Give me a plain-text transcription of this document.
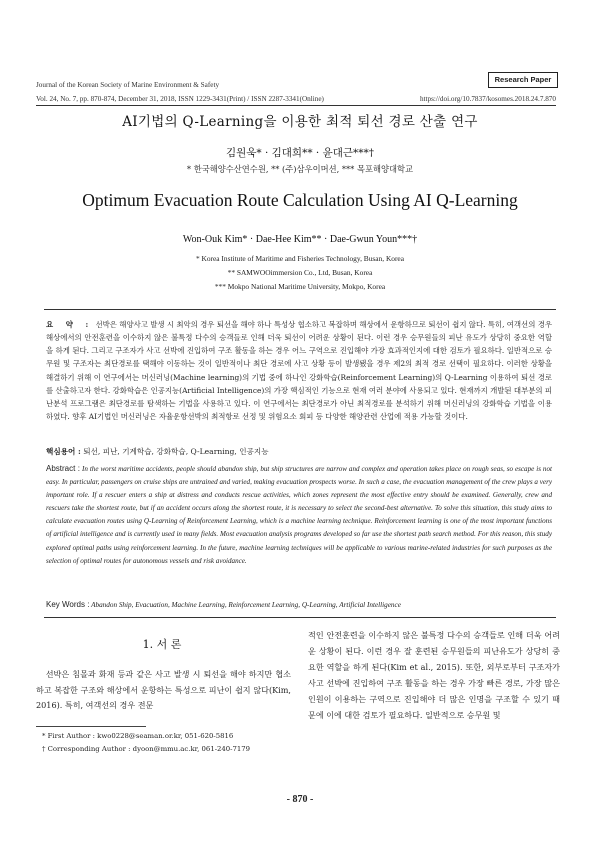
Journal of the Korean Society of Marine Environment & Safety
Vol. 24, No. 7, pp. 870-874, December 31, 2018, ISSN 1229-3431(Print) / ISSN 2287-3341(Online)
Research Paper
https://doi.org/10.7837/kosomes.2018.24.7.870
AI기법의 Q-Learning을 이용한 최적 퇴선 경로 산출 연구
김원욱* · 김대희** · 윤대근***†
* 한국해양수산연수원, ** (주)삼우이머션, *** 목포해양대학교
Optimum Evacuation Route Calculation Using AI Q-Learning
Won-Ouk Kim* · Dae-Hee Kim** · Dae-Gwun Youn***†
* Korea Institute of Maritime and Fisheries Technology, Busan, Korea
** SAMWOOimmersion Co., Ltd, Busan, Korea
*** Mokpo National Maritime University, Mokpo, Korea
요 약 : 선박은 해양사고 발생 시 최악의 경우 퇴선을 해야 하나 특성상 협소하고 복잡하며 해상에서 운항하므로 퇴선이 쉽지 않다. 특히, 여객선의 경우 해상에서의 안전훈련을 이수하지 않은 불특정 다수의 승객들로 인해 더욱 퇴선이 어려운 상황이 된다. 이런 경우 승무원들의 피난 유도가 상당히 중요한 역할을 하게 된다. 그리고 구조자가 사고 선박에 진입하여 구조 활동을 하는 경우 어느 구역으로 진입해야 가장 효과적인지에 대한 검토가 필요하다. 일반적으로 승무원 및 구조자는 최단경로를 택해야 이동하는 것이 일반적이나 최단 경로에 사고 상황 등이 발생됐을 경우 제2의 최적 경로 선택이 필요하다. 이러한 상황을 해결하기 위해 이 연구에서는 머신러닝(Machine learning)의 기법 중에 하나인 강화학습(Reinforcement Learning)의 Q-Learning 이용하여 퇴선 경로를 산출하고자 한다. 강화학습은 인공지능(Artificial Intelligence)의 가장 핵심적인 기능으로 현재 여러 분야에 사용되고 있다. 현재까지 개발된 대부분의 피난분석 프로그램은 최단경로를 탐색하는 기법을 사용하고 있다. 이 연구에서는 최단경로가 아닌 최적경로를 분석하기 위해 머신러닝의 강화학습 기법을 이용하였다. 향후 AI기법인 머신러닝은 자율운항선박의 최적항로 선정 및 위험요소 회피 등 다양한 해양관련 산업에 적용 가능할 것이다.
핵심용어 : 퇴선, 피난, 기계학습, 강화학습, Q-Learning, 인공지능
Abstract : In the worst maritime accidents, people should abandon ship, but ship structures are narrow and complex and operation takes place on rough seas, so escape is not easy. In particular, passengers on cruise ships are untrained and varied, making evacuation prospects worse. In such a case, the evacuation management of the crew plays a very important role. If a rescuer enters a ship at distress and conducts rescue activities, which zones represent the most effective entry should be examined. Generally, crew and rescuers take the shortest route, but if an accident occurs along the shortest route, it is necessary to select the second-best alternative. To solve this situation, this study aims to calculate evacuation routes using Q-Learning of Reinforcement Learning, which is a machine learning technique. Reinforcement learning is one of the most important functions of artificial intelligence and is currently used in many fields. Most evacuation analysis programs developed so far use the shortest path search method. For this reason, this study explored optimal paths using reinforcement learning. In the future, machine learning techniques will be applicable to various marine-related industries for such purposes as the selection of optimal routes for autonomous vessels and risk avoidance.
Key Words : Abandon Ship, Evacuation, Machine Learning, Reinforcement Learning, Q-Learning, Artificial Intelligence
1. 서 론
선박은 침몰과 화재 등과 같은 사고 발생 시 퇴선을 해야 하지만 협소하고 복잡한 구조와 해상에서 운항하는 특성으로 피난이 쉽지 않다(Kim, 2016). 특히, 여객선의 경우 전문
적인 안전훈련을 이수하지 않은 불특정 다수의 승객들로 인해 더욱 어려운 상황이 된다. 이런 경우 잘 훈련된 승무원들의 피난유도가 상당히 중요한 역할을 하게 된다(Kim et al., 2015). 또한, 외부로부터 구조자가 사고 선박에 진입하여 구조 활동을 하는 경우 가장 빠른 경로, 가장 많은 인원이 이용하는 구역으로 진입해야 더 많은 인명을 구조할 수 있기 때문에 이에 대한 검토가 필요하다. 일반적으로 승무원 및
* First Author : kwo0228@seaman.or.kr, 051-620-5816
† Corresponding Author : dyoon@mmu.ac.kr, 061-240-7179
- 870 -
